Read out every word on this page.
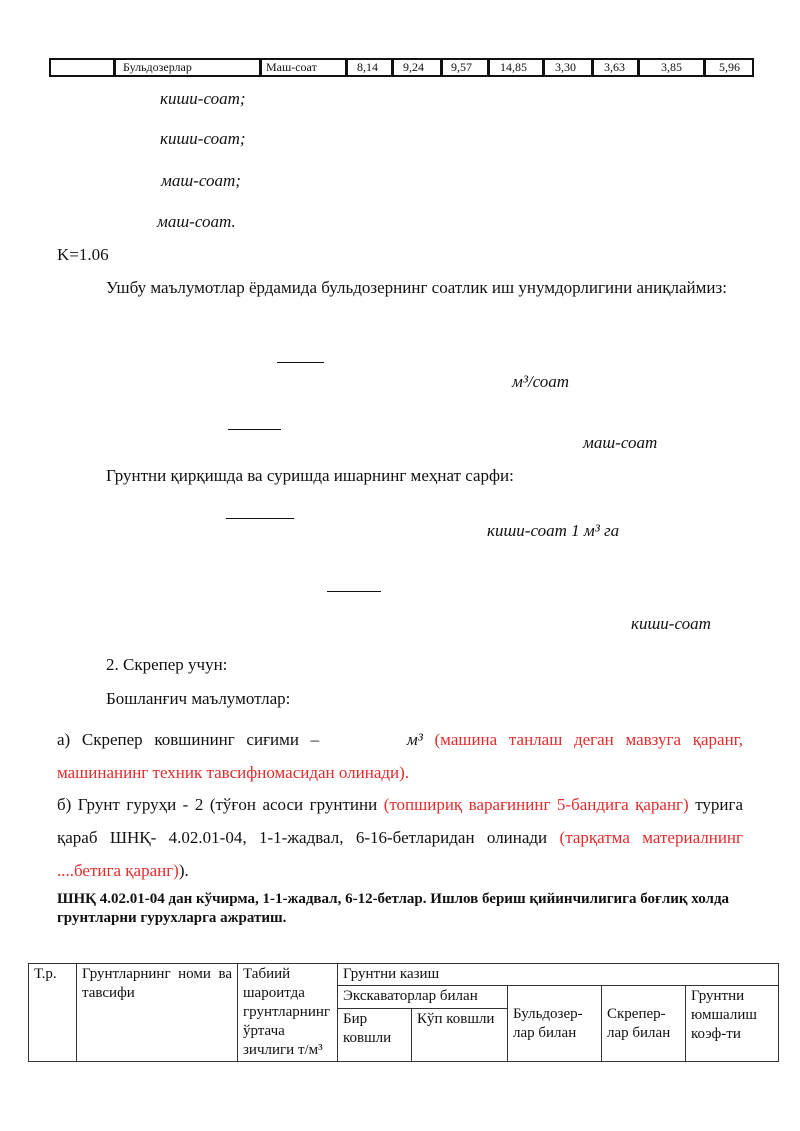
Бульдозерлар	Маш-соат	8,14 9,24 9,57 14,85 3,30 3,63	3,85	5,96
киши-соат;
киши-соат;
маш-соат;
маш-соат.
K=1.06
Ушбу маълумотлар ёрдамида бульдозернинг соатлик иш унумдорлигини аниқлаймиз:
м³/соат
маш-соат
Грунтни қирқишда ва суришда ишарнинг меҳнат сарфи:
киши-соат 1 м³ га
киши-соат
2. Скрепер учун:
Бошланғич маълумотлар:
а) Скрепер ковшининг сиғими –	м³ (машина танлаш деган мавзуга қаранг, машинанинг техник тавсифномасидан олинади).
б) Грунт гуруҳи - 2 (тўғон асоси грунтини (топшириқ варағининг 5-бандига қаранг) турига қараб ШНҚ- 4.02.01-04, 1-1-жадвал, 6-16-бетларидан олинади (тарқатма материалнинг ....бетига қаранг)).
ШНҚ 4.02.01-04 дан кўчирма, 1-1-жадвал, 6-12-бетлар. Ишлов бериш қийинчилигига боғлиқ холда грунтларни гурухларга ажратиш.
Т.р.	Грунтларнинг номи ва тавсифи	Табиий шароитда грунтларнинг ўртача зичлиги т/м³	Грунтни казиш				
			Экскаваторлар билан		Бульдозер-лар билан	Скрепер-лар билан	Грунтни юмшалиш коэф-ти
			Бир ковшли	Кўп ковшли			
